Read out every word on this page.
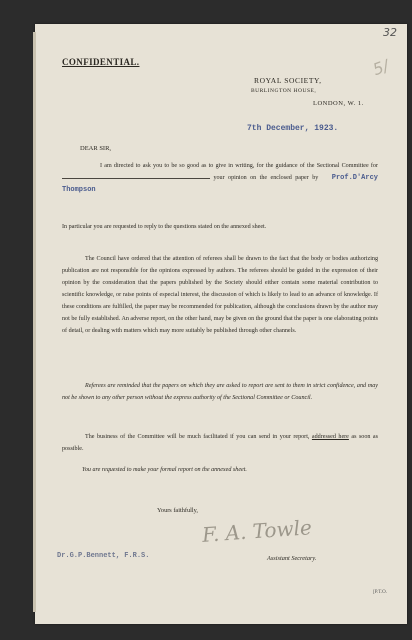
32
5/
CONFIDENTIAL.
ROYAL SOCIETY,
BURLINGTON HOUSE,
LONDON, W. 1.
7th December, 1923.
DEAR SIR,
I am directed to ask you to be so good as to give in writing, for the guidance of the Sectional Committee for  your opinion on the enclosed paper by Prof.D'Arcy Thompson
In particular you are requested to reply to the questions stated on the annexed sheet.
The Council have ordered that the attention of referees shall be drawn to the fact that the body or bodies authorizing publication are not responsible for the opinions expressed by authors. The referees should be guided in the expression of their opinion by the consideration that the papers published by the Society should either contain some material contribution to scientific knowledge, or raise points of especial interest, the discussion of which is likely to lead to an advance of knowledge. If these conditions are fulfilled, the paper may be recommended for publication, although the conclusions drawn by the author may not be fully established. An adverse report, on the other hand, may be given on the ground that the paper is one elaborating points of detail, or dealing with matters which may more suitably be published through other channels.
Referees are reminded that the papers on which they are asked to report are sent to them in strict confidence, and may not be shown to any other person without the express authority of the Sectional Committee or Council.
The business of the Committee will be much facilitated if you can send in your report, addressed here as soon as possible.
You are requested to make your formal report on the annexed sheet.
Yours faithfully,
F. A. Towle
Dr.G.P.Bennett, F.R.S.	Assistant Secretary.
[P.T.O.
